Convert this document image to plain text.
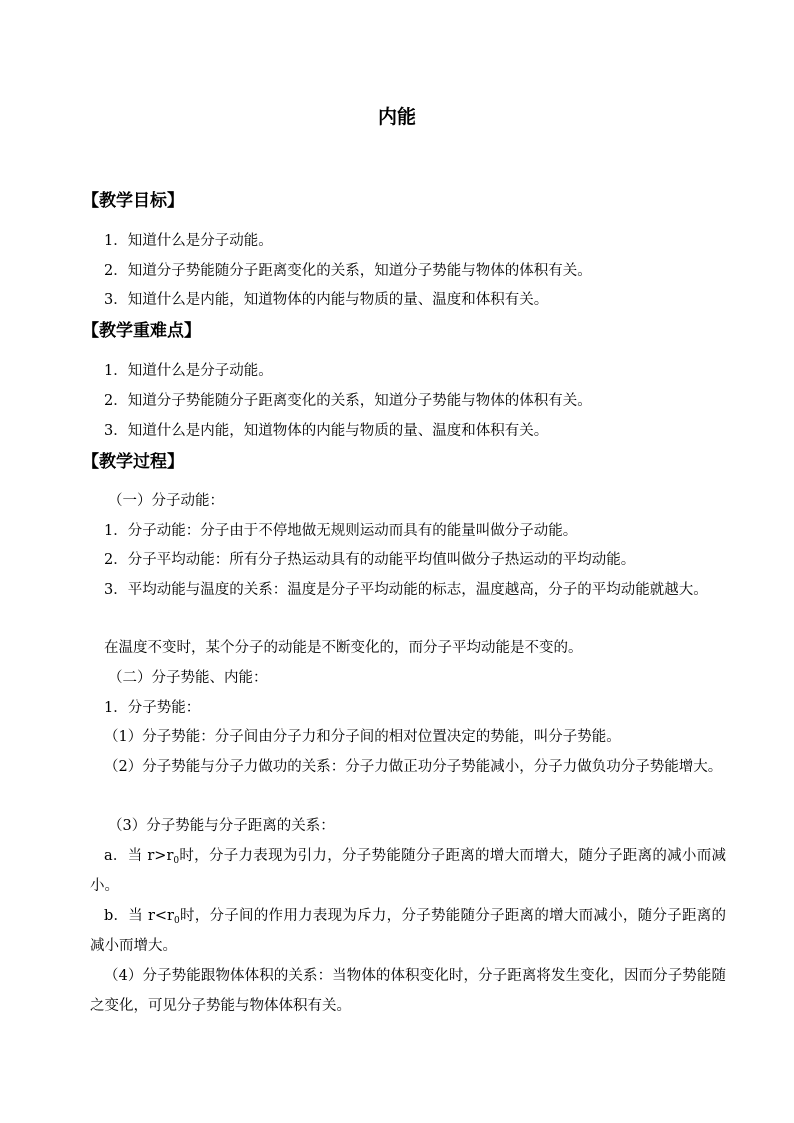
内能
【教学目标】
1．知道什么是分子动能。
2．知道分子势能随分子距离变化的关系，知道分子势能与物体的体积有关。
3．知道什么是内能，知道物体的内能与物质的量、温度和体积有关。
【教学重难点】
1．知道什么是分子动能。
2．知道分子势能随分子距离变化的关系，知道分子势能与物体的体积有关。
3．知道什么是内能，知道物体的内能与物质的量、温度和体积有关。
【教学过程】
（一）分子动能：
1．分子动能：分子由于不停地做无规则运动而具有的能量叫做分子动能。
2．分子平均动能：所有分子热运动具有的动能平均值叫做分子热运动的平均动能。
3．平均动能与温度的关系：温度是分子平均动能的标志，温度越高，分子的平均动能就越大。
在温度不变时，某个分子的动能是不断变化的，而分子平均动能是不变的。
（二）分子势能、内能：
1．分子势能：
（1）分子势能：分子间由分子力和分子间的相对位置决定的势能，叫分子势能。
（2）分子势能与分子力做功的关系：分子力做正功分子势能减小，分子力做负功分子势能增大。
（3）分子势能与分子距离的关系：
a．当 $r>r_0$时，分子力表现为引力，分子势能随分子距离的增大而增大，随分子距离的减小而减小。
b．当 $r<r_0$时，分子间的作用力表现为斥力，分子势能随分子距离的增大而减小，随分子距离的减小而增大。
（4）分子势能跟物体体积的关系：当物体的体积变化时，分子距离将发生变化，因而分子势能随之变化，可见分子势能与物体体积有关。
